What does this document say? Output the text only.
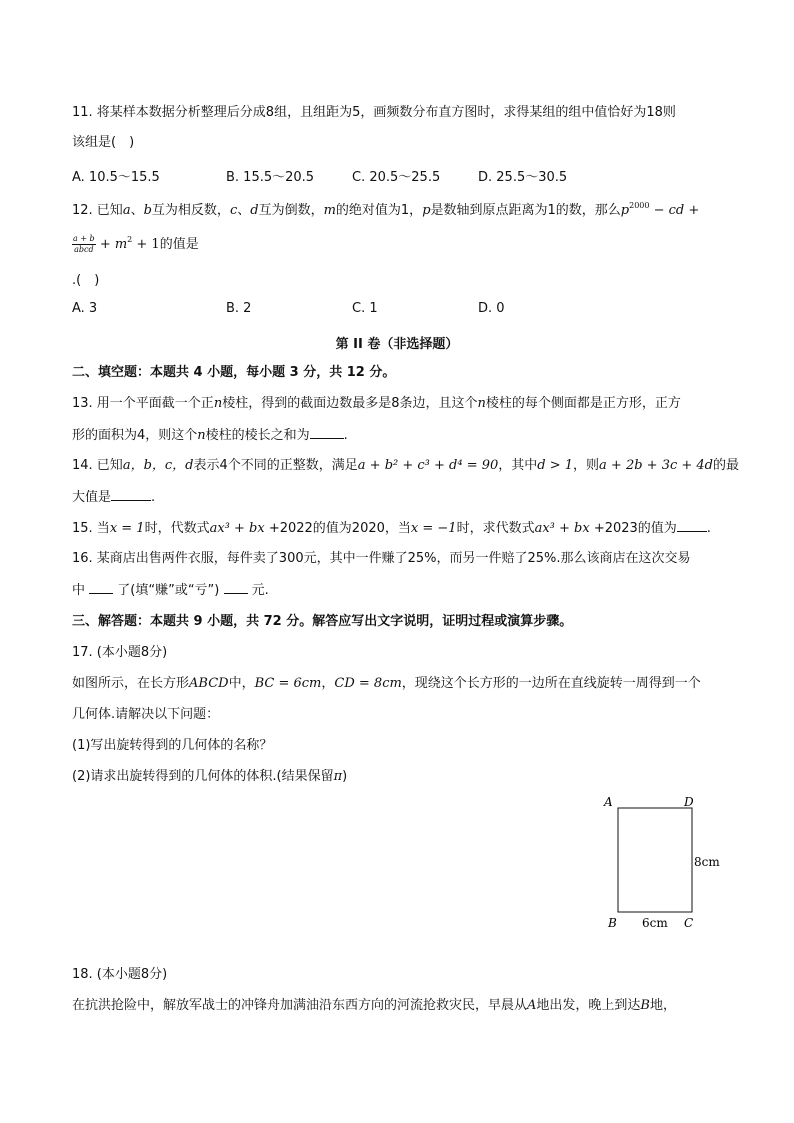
11. 将某样本数据分析整理后分成8组，且组距为5，画频数分布直方图时，求得某组的组中值恰好为18则
该组是(　)
A. 10.5～15.5	B. 15.5～20.5	C. 20.5～25.5	D. 25.5～30.5
12. 已知a、b互为相反数，c、d互为倒数，m的绝对值为1，p是数轴到原点距离为1的数，那么$p^{2000}$ − cd +
$\frac{a + b}{\text{abcd}} + m^2 + 1$的值是
.(　)
A. 3	B. 2	C. 1	D. 0
第 II 卷（非选择题）
二、填空题：本题共 4 小题，每小题 3 分，共 12 分。
13. 用一个平面截一个正n棱柱，得到的截面边数最多是8条边，且这个n棱柱的每个侧面都是正方形，正方
形的面积为4，则这个n棱柱的棱长之和为	.
14. 已知a，b，c，d表示4个不同的正整数，满足a + b² + c³ + d⁴ = 90，其中d > 1，则a + 2b + 3c + 4d的最
大值是	.
15. 当x = 1时，代数式ax³ + bx +2022的值为2020，当x = −1时，求代数式ax³ + bx +2023的值为 .
16. 某商店出售两件衣服，每件卖了300元，其中一件赚了25%，而另一件赔了25%.那么该商店在这次交易
中  了(填“赚”或“亏”)  元.
三、解答题：本题共 9 小题，共 72 分。解答应写出文字说明，证明过程或演算步骤。
17. (本小题8分)
如图所示，在长方形ABCD中，BC = 6cm，CD = 8cm，现绕这个长方形的一边所在直线旋转一周得到一个
几何体.请解决以下问题：
(1)写出旋转得到的几何体的名称？
(2)请求出旋转得到的几何体的体积.(结果保留π)
A	D
B	C
8cm
6cm
18. (本小题8分)
在抗洪抢险中，解放军战士的冲锋舟加满油沿东西方向的河流抢救灾民，早晨从A地出发，晚上到达B地，
